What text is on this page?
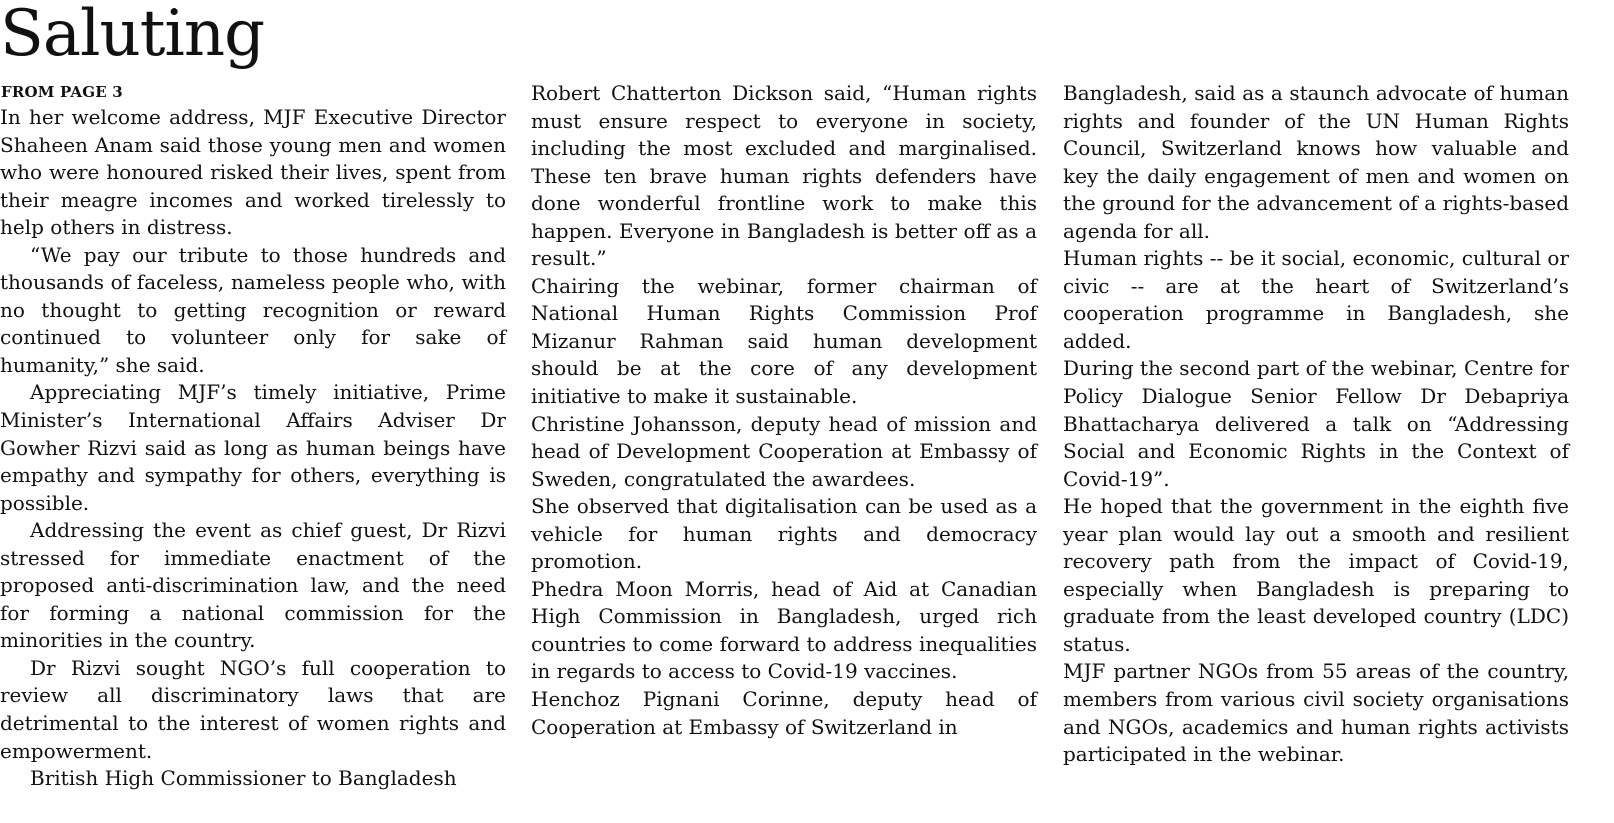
Saluting
FROM PAGE 3

In her welcome address, MJF Executive Director Shaheen Anam said those young men and women who were honoured risked their lives, spent from their meagre incomes and worked tirelessly to help others in distress.

“We pay our tribute to those hundreds and thousands of faceless, nameless people who, with no thought to getting recognition or reward continued to volunteer only for sake of humanity,” she said.

Appreciating MJF’s timely initiative, Prime Minister’s International Affairs Adviser Dr Gowher Rizvi said as long as human beings have empathy and sympathy for others, everything is possible.

Addressing the event as chief guest, Dr Rizvi stressed for immediate enactment of the proposed anti-discrimination law, and the need for forming a national commission for the minorities in the country.

Dr Rizvi sought NGO’s full cooperation to review all discriminatory laws that are detrimental to the interest of women rights and empowerment.

British High Commissioner to Bangladesh

Robert Chatterton Dickson said, “Human rights must ensure respect to everyone in society, including the most excluded and marginalised. These ten brave human rights defenders have done wonderful frontline work to make this happen. Everyone in Bangladesh is better off as a result.”

Chairing the webinar, former chairman of National Human Rights Commission Prof Mizanur Rahman said human development should be at the core of any development initiative to make it sustainable.

Christine Johansson, deputy head of mission and head of Development Cooperation at Embassy of Sweden, congratulated the awardees.

She observed that digitalisation can be used as a vehicle for human rights and democracy promotion.

Phedra Moon Morris, head of Aid at Canadian High Commission in Bangladesh, urged rich countries to come forward to address inequalities in regards to access to Covid-19 vaccines.

Henchoz Pignani Corinne, deputy head of Cooperation at Embassy of Switzerland in

Bangladesh, said as a staunch advocate of human rights and founder of the UN Human Rights Council, Switzerland knows how valuable and key the daily engagement of men and women on the ground for the advancement of a rights-based agenda for all.

Human rights -- be it social, economic, cultural or civic -- are at the heart of Switzerland’s cooperation programme in Bangladesh, she added.

During the second part of the webinar, Centre for Policy Dialogue Senior Fellow Dr Debapriya Bhattacharya delivered a talk on “Addressing Social and Economic Rights in the Context of Covid-19”.

He hoped that the government in the eighth five year plan would lay out a smooth and resilient recovery path from the impact of Covid-19, especially when Bangladesh is preparing to graduate from the least developed country (LDC) status.

MJF partner NGOs from 55 areas of the country, members from various civil society organisations and NGOs, academics and human rights activists participated in the webinar.
